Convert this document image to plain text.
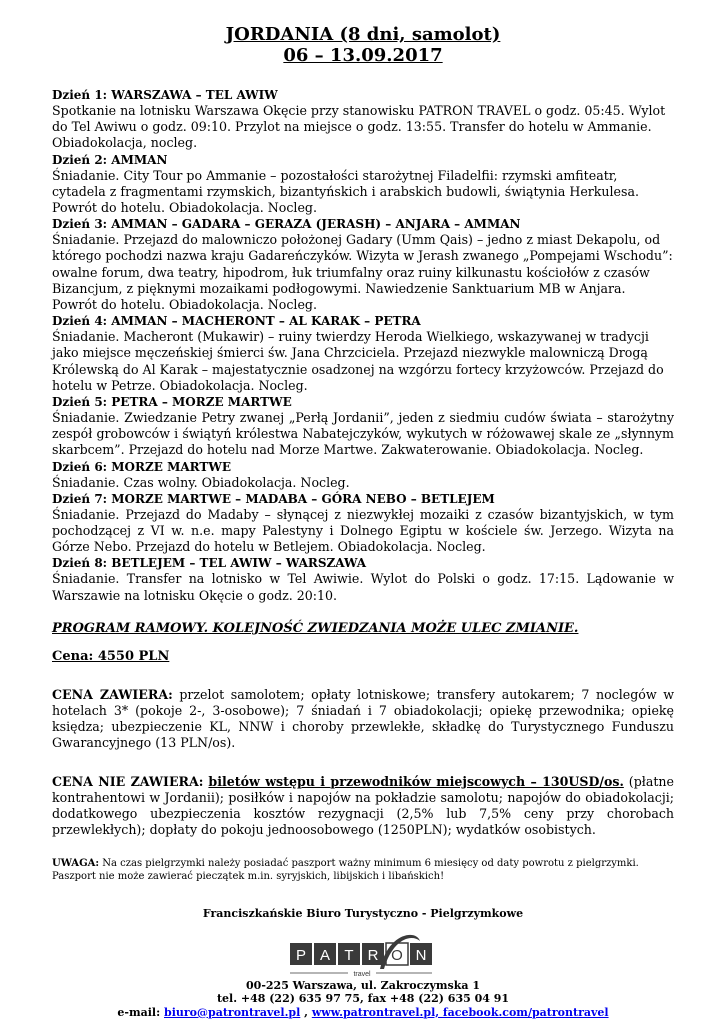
JORDANIA (8 dni, samolot)
06 – 13.09.2017

Dzień 1: WARSZAWA – TEL AWIW

Spotkanie na lotnisku Warszawa Okęcie przy stanowisku PATRON TRAVEL o godz. 05:45. Wylot do Tel Awiwu o godz. 09:10. Przylot na miejsce o godz. 13:55. Transfer do hotelu w Ammanie. Obiadokolacja, nocleg.

Dzień 2: AMMAN

Śniadanie. City Tour po Ammanie – pozostałości starożytnej Filadelfii: rzymski amfiteatr, cytadela z fragmentami rzymskich, bizantyńskich i arabskich budowli, świątynia Herkulesa. Powrót do hotelu. Obiadokolacja. Nocleg.

Dzień 3: AMMAN – GADARA – GERAZA (JERASH) – ANJARA – AMMAN

Śniadanie. Przejazd do malowniczo położonej Gadary (Umm Qais) – jedno z miast Dekapolu, od którego pochodzi nazwa kraju Gadareńczyków. Wizyta w Jerash zwanego „Pompejami Wschodu”: owalne forum, dwa teatry, hipodrom, łuk triumfalny oraz ruiny kilkunastu kościołów z czasów Bizancjum, z pięknymi mozaikami podłogowymi. Nawiedzenie Sanktuarium MB w Anjara. Powrót do hotelu. Obiadokolacja. Nocleg.

Dzień 4: AMMAN – MACHERONT – AL KARAK – PETRA

Śniadanie. Macheront (Mukawir) – ruiny twierdzy Heroda Wielkiego, wskazywanej w tradycji jako miejsce męczeńskiej śmierci św. Jana Chrzciciela. Przejazd niezwykle malowniczą Drogą Królewską do Al Karak – majestatycznie osadzonej na wzgórzu fortecy krzyżowców. Przejazd do hotelu w Petrze. Obiadokolacja. Nocleg.

Dzień 5: PETRA – MORZE MARTWE

Śniadanie. Zwiedzanie Petry zwanej „Perłą Jordanii”, jeden z siedmiu cudów świata – starożytny zespół grobowców i świątyń królestwa Nabatejczyków, wykutych w różowawej skale ze „słynnym skarbcem”. Przejazd do hotelu nad Morze Martwe. Zakwaterowanie. Obiadokolacja. Nocleg.

Dzień 6: MORZE MARTWE

Śniadanie. Czas wolny. Obiadokolacja. Nocleg.

Dzień 7: MORZE MARTWE – MADABA – GÓRA NEBO – BETLEJEM

Śniadanie. Przejazd do Madaby – słynącej z niezwykłej mozaiki z czasów bizantyjskich, w tym pochodzącej z VI w. n.e. mapy Palestyny i Dolnego Egiptu w kościele św. Jerzego. Wizyta na Górze Nebo. Przejazd do hotelu w Betlejem. Obiadokolacja. Nocleg.

Dzień 8: BETLEJEM – TEL AWIW – WARSZAWA

Śniadanie. Transfer na lotnisko w Tel Awiwie. Wylot do Polski o godz. 17:15. Lądowanie w Warszawie na lotnisku Okęcie o godz. 20:10.

PROGRAM RAMOWY. KOLEJNOŚĆ ZWIEDZANIA MOŻE ULEC ZMIANIE.

Cena: 4550 PLN

CENA ZAWIERA: przelot samolotem; opłaty lotniskowe; transfery autokarem; 7 noclegów w hotelach 3* (pokoje 2-, 3-osobowe); 7 śniadań i 7 obiadokolacji; opiekę przewodnika; opiekę księdza; ubezpieczenie KL, NNW i choroby przewlekłe, składkę do Turystycznego Funduszu Gwarancyjnego (13 PLN/os).

CENA NIE ZAWIERA: biletów wstępu i przewodników miejscowych – 130USD/os. (płatne kontrahentowi w Jordanii); posiłków i napojów na pokładzie samolotu; napojów do obiadokolacji; dodatkowego ubezpieczenia kosztów rezygnacji (2,5% lub 7,5% ceny przy chorobach przewlekłych); dopłaty do pokoju jednoosobowego (1250PLN); wydatków osobistych.

UWAGA: Na czas pielgrzymki należy posiadać paszport ważny minimum 6 miesięcy od daty powrotu z pielgrzymki. Paszport nie może zawierać pieczątek m.in. syryjskich, libijskich i libańskich!

Franciszkańskie Biuro Turystyczno - Pielgrzymkowe

P A T R O N
travel

00-225 Warszawa, ul. Zakroczymska 1

tel. +48 (22) 635 97 75, fax +48 (22) 635 04 91

e-mail: biuro@patrontravel.pl , www.patrontravel.pl, facebook.com/patrontravel
